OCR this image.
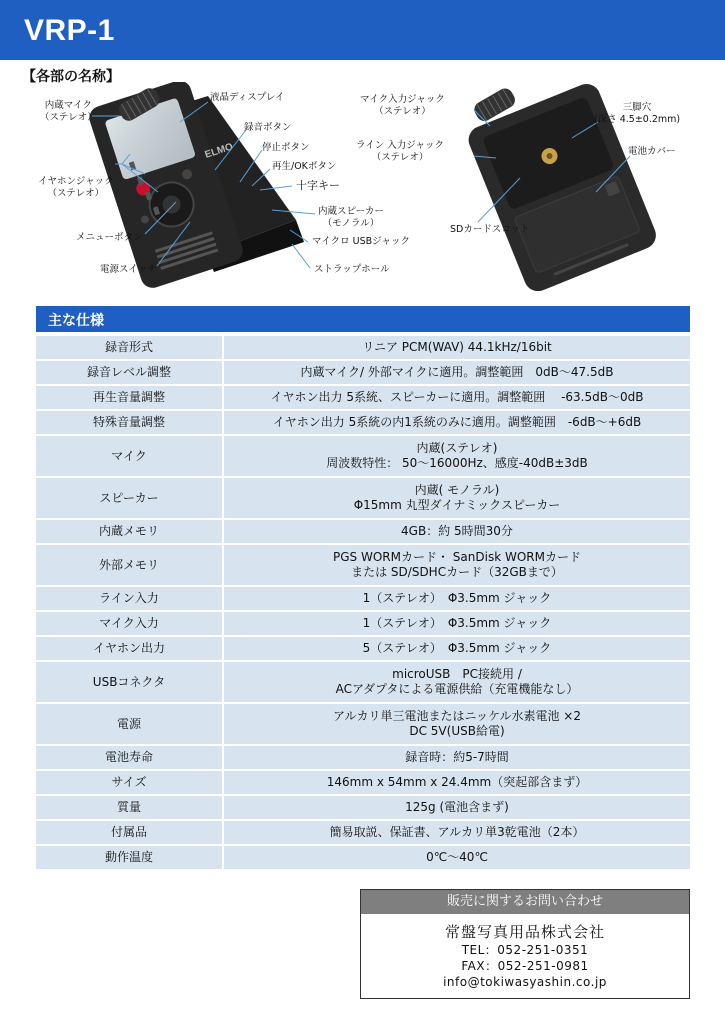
VRP-1
【各部の名称】
ELMO
内蔵マイク
（ステレオ）
イヤホンジャック
（ステレオ）
メニューボタン
電源スイッチ
液晶ディスプレイ
録音ボタン
停止ボタン
再生/OKボタン
十字キー
内蔵スピーカー
（モノラル）
マイクロ USBジャック
ストラップホール
マイク入力ジャック
（ステレオ）
ライン 入力ジャック
（ステレオ）
SDカードスロット
三脚穴
(深さ 4.5±0.2mm)
電池カバー
主な仕様
録音形式	リニア PCM(WAV) 44.1kHz/16bit
録音レベル調整	内蔵マイク/ 外部マイクに適用。調整範囲　0dB～47.5dB
再生音量調整	イヤホン出力 5系統、スピーカーに適用。調整範囲　 -63.5dB～0dB
特殊音量調整	イヤホン出力 5系統の内1系統のみに適用。調整範囲　-6dB～+6dB
マイク	内蔵(ステレオ)
周波数特性： 50～16000Hz、感度-40dB±3dB
スピーカー	内蔵( モノラル)
Φ15mm 丸型ダイナミックスピーカー
内蔵メモリ	4GB：約 5時間30分
外部メモリ	PGS WORMカード・ SanDisk WORMカード
または SD/SDHCカード（32GBまで）
ライン入力	1（ステレオ）　Φ3.5mm ジャック
マイク入力	1（ステレオ）　Φ3.5mm ジャック
イヤホン出力	5（ステレオ）　Φ3.5mm ジャック
USBコネクタ	microUSB　PC接続用 /
ACアダプタによる電源供給（充電機能なし）
電源	アルカリ単三電池またはニッケル水素電池 ×2
DC 5V(USB給電)
電池寿命	録音時：約5-7時間
サイズ	146mm x 54mm x 24.4mm（突起部含まず）
質量	125g (電池含まず)
付属品	簡易取説、保証書、アルカリ単3乾電池（2本）
動作温度	0℃～40℃
販売に関するお問い合わせ
常盤写真用品株式会社
TEL：052-251-0351
FAX：052-251-0981
info@tokiwasyashin.co.jp
